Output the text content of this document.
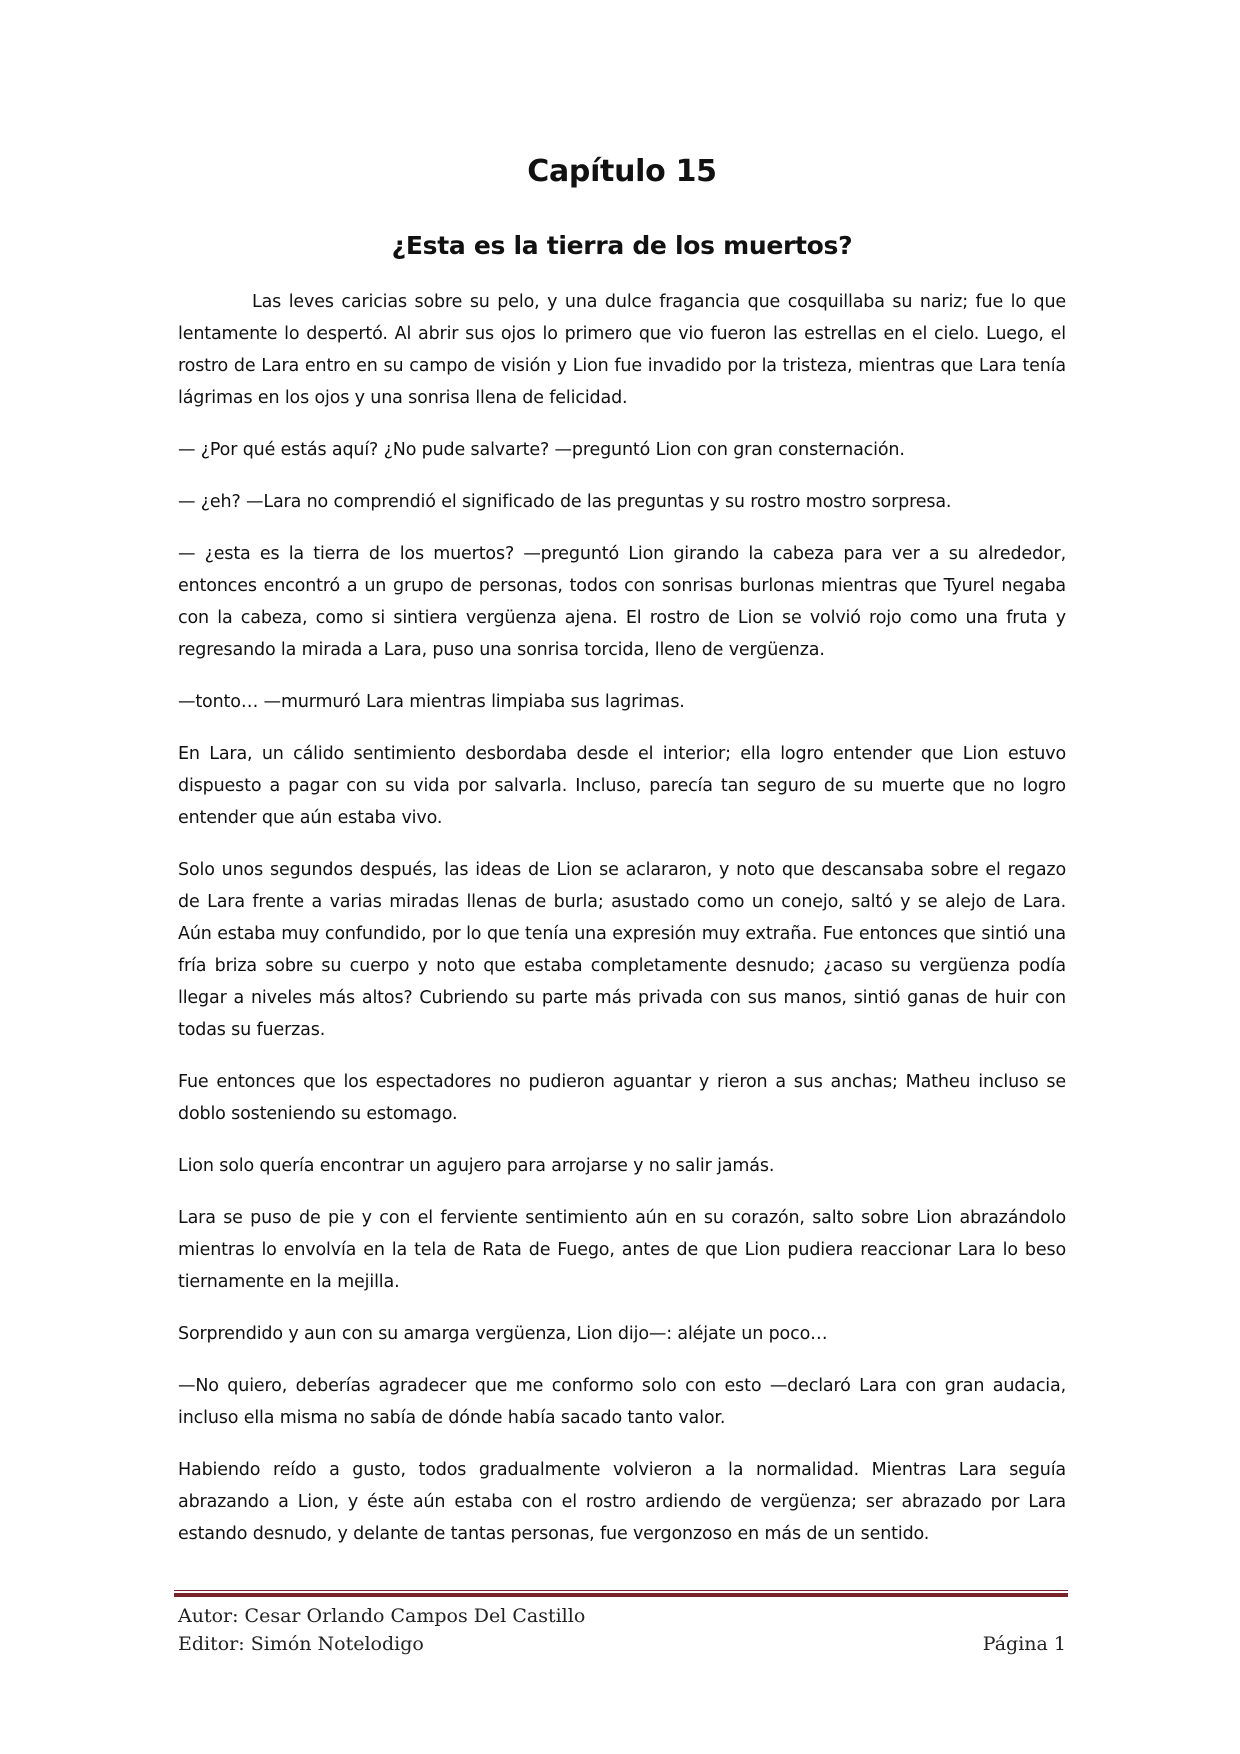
Capítulo 15
¿Esta es la tierra de los muertos?

Las leves caricias sobre su pelo, y una dulce fragancia que cosquillaba su nariz; fue lo que lentamente lo despertó. Al abrir sus ojos lo primero que vio fueron las estrellas en el cielo. Luego, el rostro de Lara entro en su campo de visión y Lion fue invadido por la tristeza, mientras que Lara tenía lágrimas en los ojos y una sonrisa llena de felicidad.

— ¿Por qué estás aquí? ¿No pude salvarte? —preguntó Lion con gran consternación.

— ¿eh? —Lara no comprendió el significado de las preguntas y su rostro mostro sorpresa.

— ¿esta es la tierra de los muertos? —preguntó Lion girando la cabeza para ver a su alrededor, entonces encontró a un grupo de personas, todos con sonrisas burlonas mientras que Tyurel negaba con la cabeza, como si sintiera vergüenza ajena. El rostro de Lion se volvió rojo como una fruta y regresando la mirada a Lara, puso una sonrisa torcida, lleno de vergüenza.

—tonto… —murmuró Lara mientras limpiaba sus lagrimas.

En Lara, un cálido sentimiento desbordaba desde el interior; ella logro entender que Lion estuvo dispuesto a pagar con su vida por salvarla. Incluso, parecía tan seguro de su muerte que no logro entender que aún estaba vivo.

Solo unos segundos después, las ideas de Lion se aclararon, y noto que descansaba sobre el regazo de Lara frente a varias miradas llenas de burla; asustado como un conejo, saltó y se alejo de Lara. Aún estaba muy confundido, por lo que tenía una expresión muy extraña. Fue entonces que sintió una fría briza sobre su cuerpo y noto que estaba completamente desnudo; ¿acaso su vergüenza podía llegar a niveles más altos? Cubriendo su parte más privada con sus manos, sintió ganas de huir con todas su fuerzas.

Fue entonces que los espectadores no pudieron aguantar y rieron a sus anchas; Matheu incluso se doblo sosteniendo su estomago.

Lion solo quería encontrar un agujero para arrojarse y no salir jamás.

Lara se puso de pie y con el ferviente sentimiento aún en su corazón, salto sobre Lion abrazándolo mientras lo envolvía en la tela de Rata de Fuego, antes de que Lion pudiera reaccionar Lara lo beso tiernamente en la mejilla.

Sorprendido y aun con su amarga vergüenza, Lion dijo—: aléjate un poco…

—No quiero, deberías agradecer que me conformo solo con esto —declaró Lara con gran audacia, incluso ella misma no sabía de dónde había sacado tanto valor.

Habiendo reído a gusto, todos gradualmente volvieron a la normalidad. Mientras Lara seguía abrazando a Lion, y éste aún estaba con el rostro ardiendo de vergüenza; ser abrazado por Lara estando desnudo, y delante de tantas personas, fue vergonzoso en más de un sentido.

Autor: Cesar Orlando Campos Del Castillo
Editor: Simón Notelodigo	Página 1
